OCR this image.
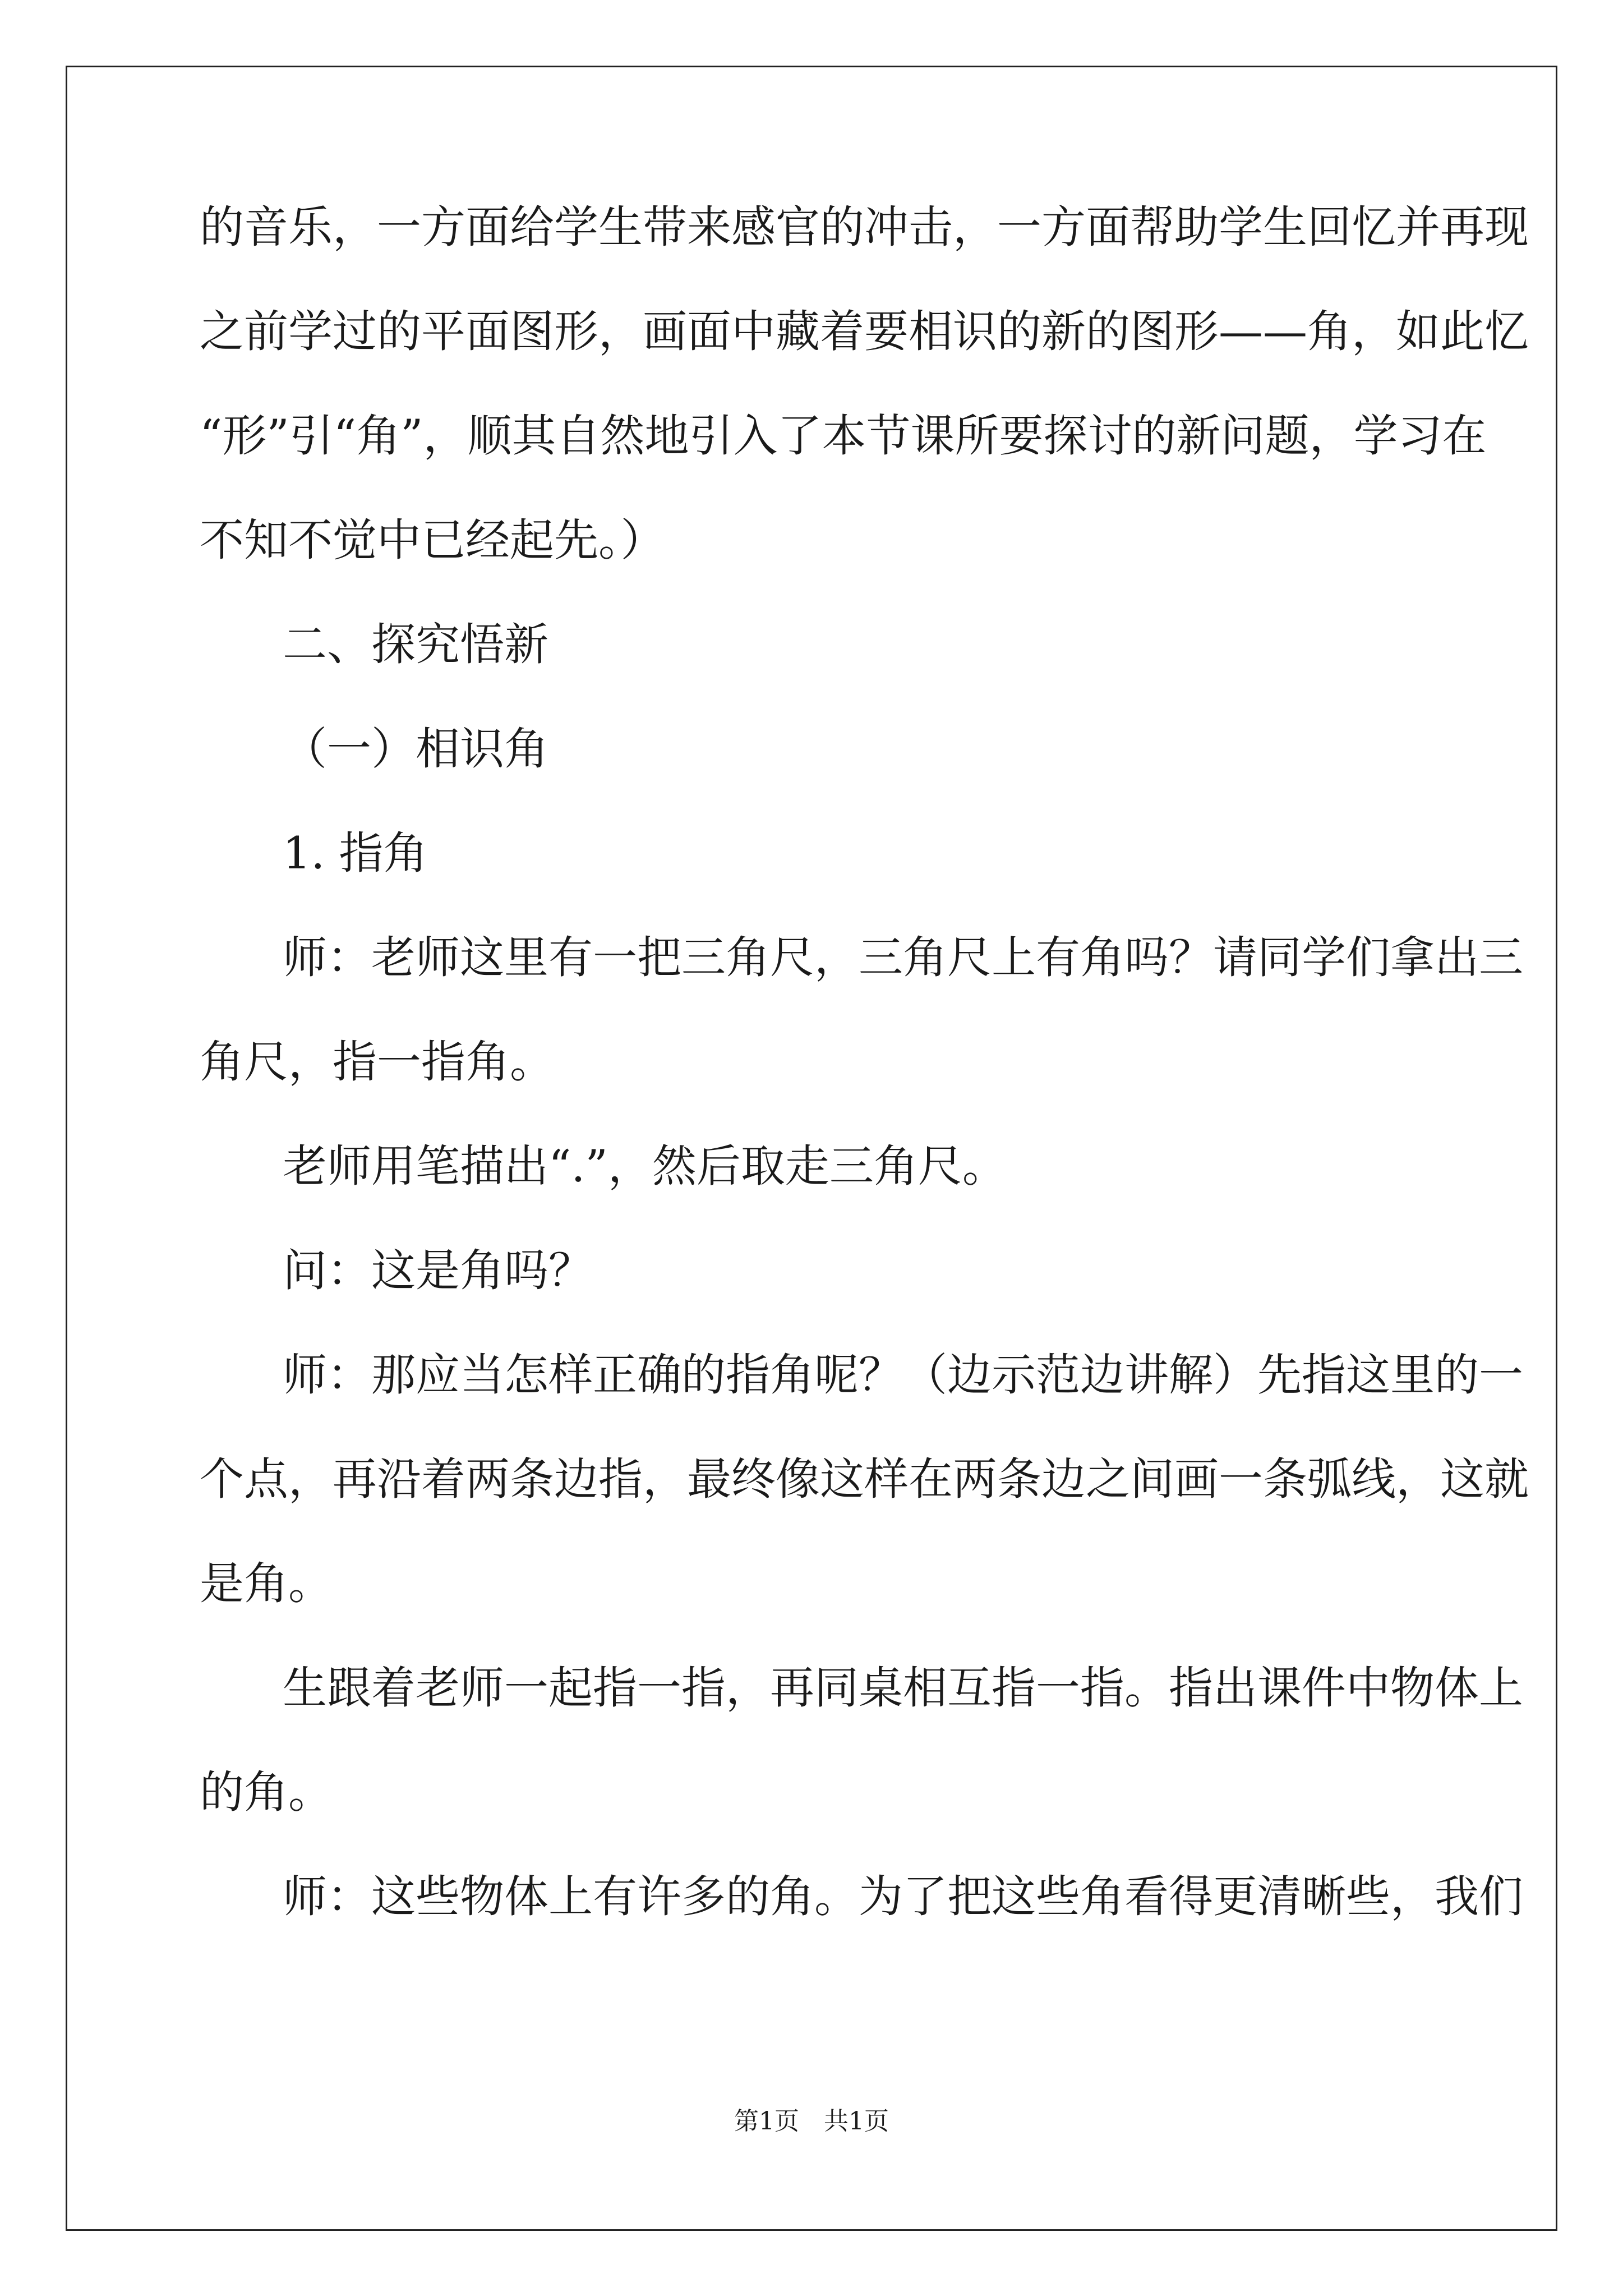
的音乐，一方面给学生带来感官的冲击，一方面帮助学生回忆并再现
之前学过的平面图形，画面中藏着要相识的新的图形——角，如此忆
“形”引“角”，顺其自然地引入了本节课所要探讨的新问题，学习在
不知不觉中已经起先。）
二、探究悟新
（一）相识角
1. 指角
师：老师这里有一把三角尺，三角尺上有角吗？请同学们拿出三
角尺，指一指角。
老师用笔描出“.”，然后取走三角尺。
问：这是角吗？
师：那应当怎样正确的指角呢？（边示范边讲解）先指这里的一
个点，再沿着两条边指，最终像这样在两条边之间画一条弧线，这就
是角。
生跟着老师一起指一指，再同桌相互指一指。指出课件中物体上
的角。
师：这些物体上有许多的角。为了把这些角看得更清晰些，我们
第1页　共1页
